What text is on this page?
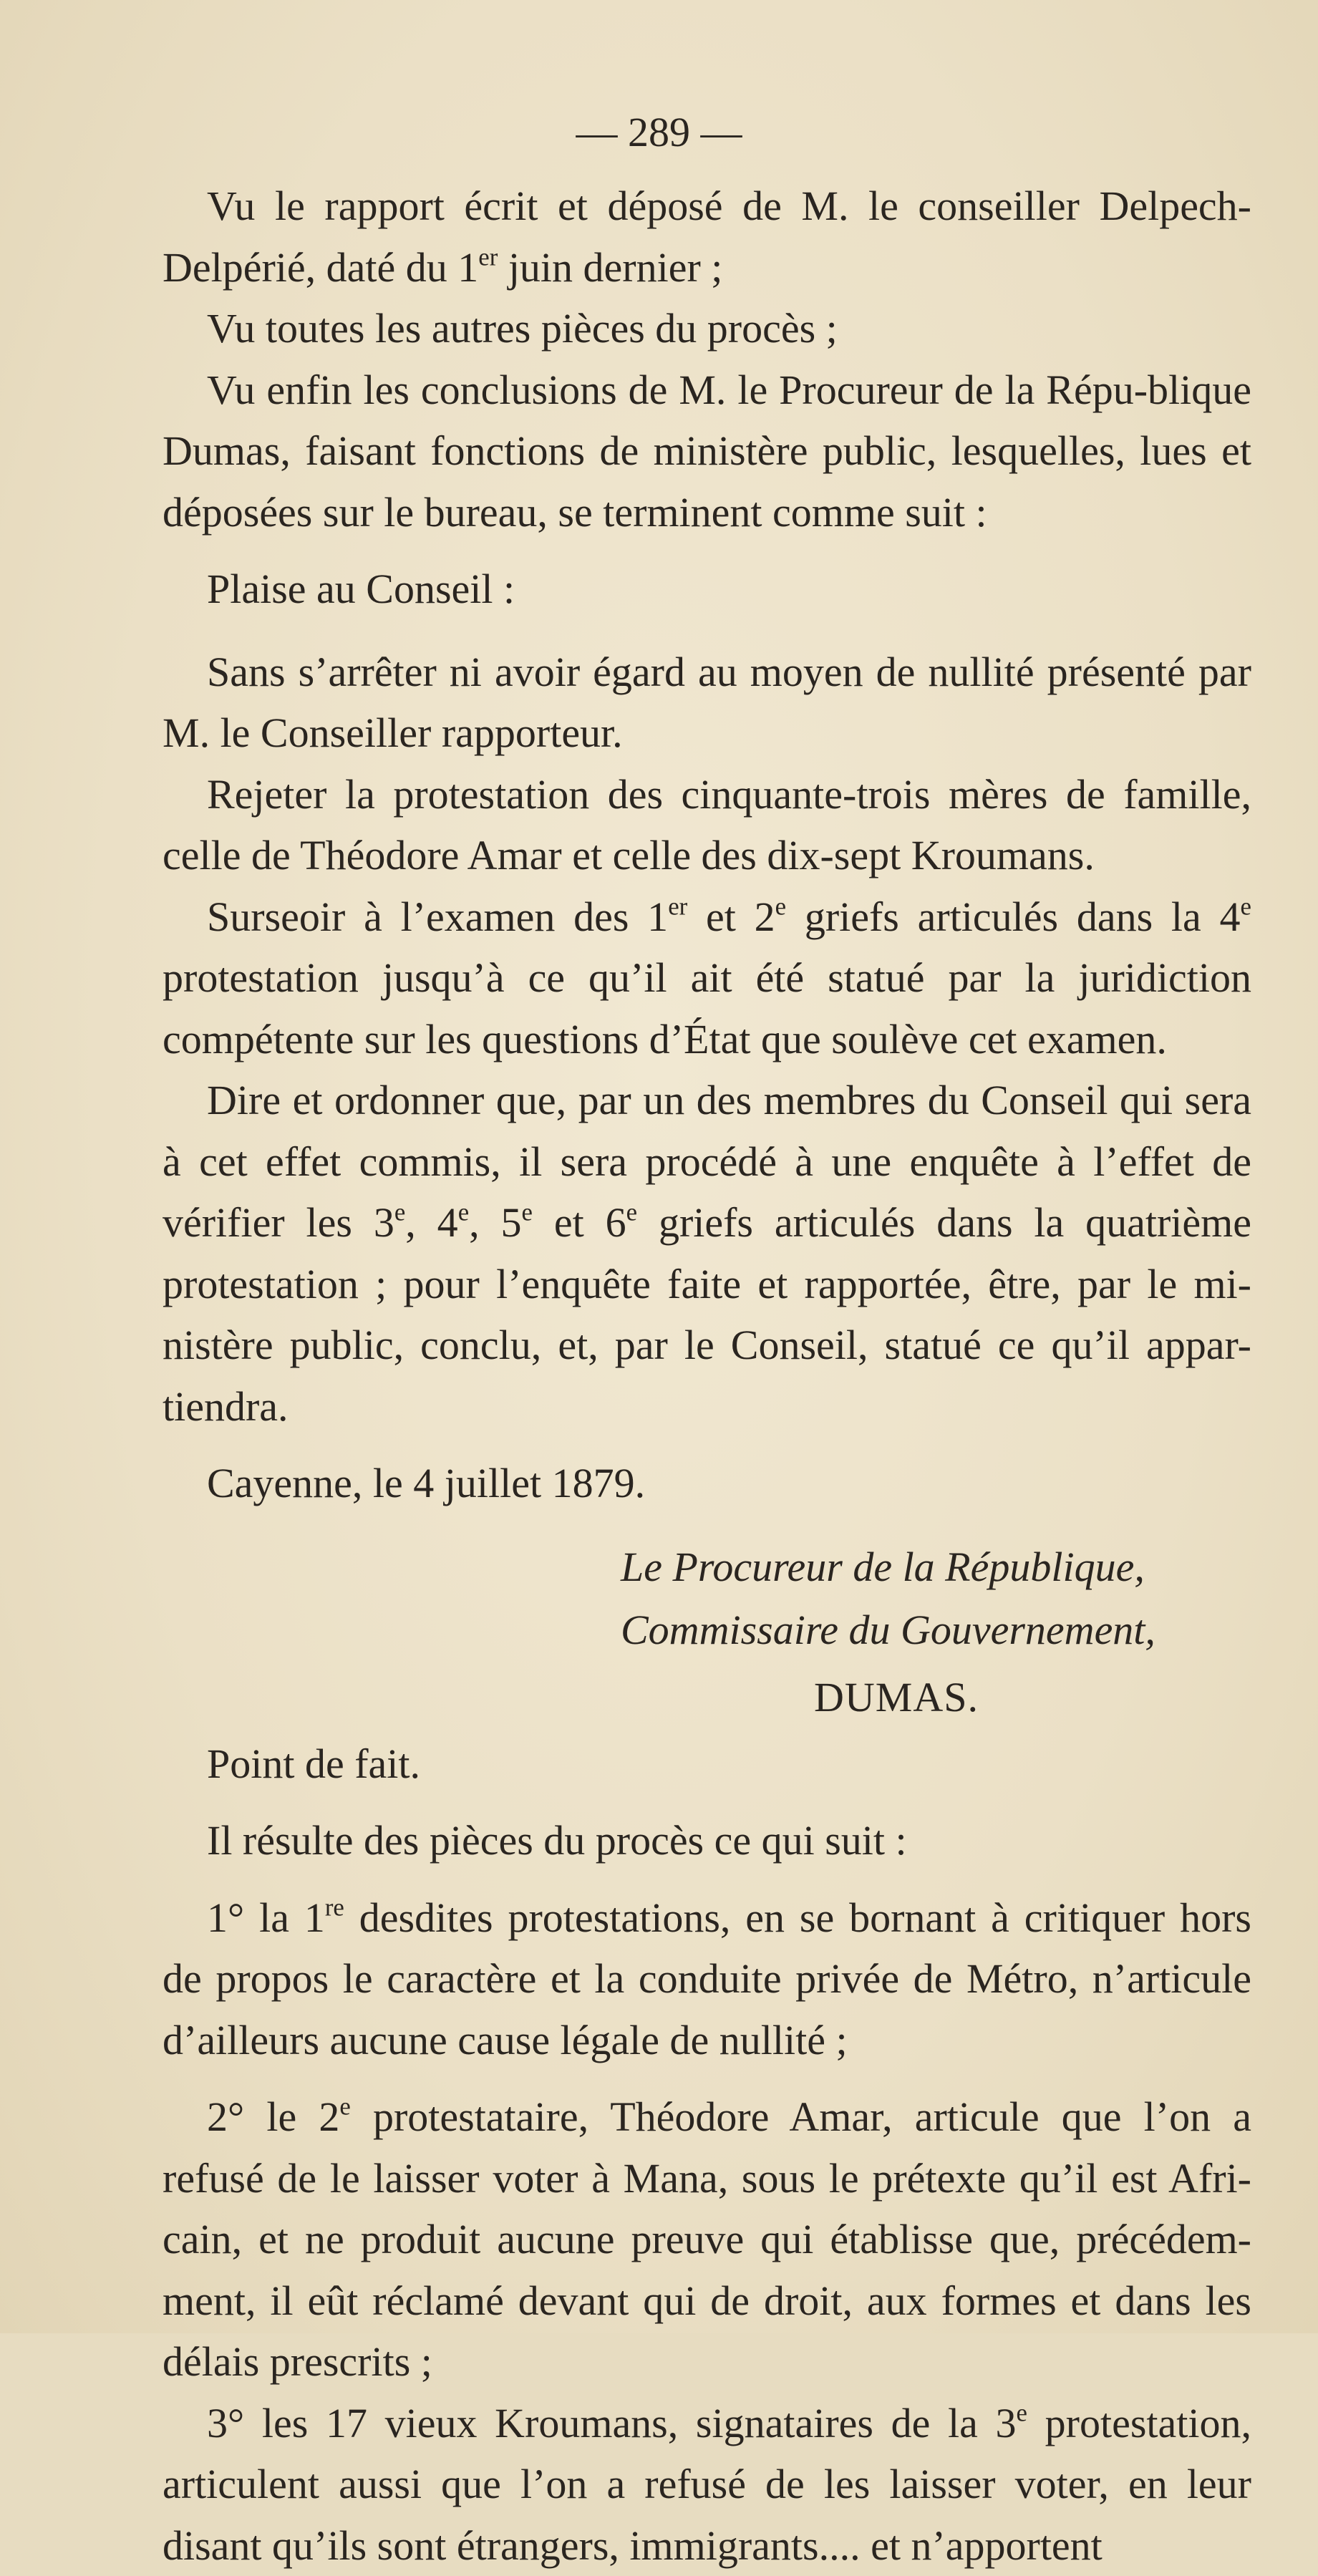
— 289 —

Vu le rapport écrit et déposé de M. le conseiller Delpech-Delpérié, daté du 1er juin dernier ;

Vu toutes les autres pièces du procès ;

Vu enfin les conclusions de M. le Procureur de la Répu-blique Dumas, faisant fonctions de ministère public, lesquelles, lues et déposées sur le bureau, se terminent comme suit :

Plaise au Conseil :

Sans s’arrêter ni avoir égard au moyen de nullité présenté par M. le Conseiller rapporteur.

Rejeter la protestation des cinquante-trois mères de famille, celle de Théodore Amar et celle des dix-sept Kroumans.

Surseoir à l’examen des 1er et 2e griefs articulés dans la 4e protestation jusqu’à ce qu’il ait été statué par la juridiction compétente sur les questions d’État que soulève cet examen.

Dire et ordonner que, par un des membres du Conseil qui sera à cet effet commis, il sera procédé à une enquête à l’effet de vérifier les 3e, 4e, 5e et 6e griefs articulés dans la quatrième protestation ; pour l’enquête faite et rapportée, être, par le mi-nistère public, conclu, et, par le Conseil, statué ce qu’il appar-tiendra.

Cayenne, le 4 juillet 1879.

Le Procureur de la République,

Commissaire du Gouvernement,

DUMAS.

Point de fait.

Il résulte des pièces du procès ce qui suit :

1° la 1re desdites protestations, en se bornant à critiquer hors de propos le caractère et la conduite privée de Métro, n’articule d’ailleurs aucune cause légale de nullité ;

2° le 2e protestataire, Théodore Amar, articule que l’on a refusé de le laisser voter à Mana, sous le prétexte qu’il est Afri-cain, et ne produit aucune preuve qui établisse que, précédem-ment, il eût réclamé devant qui de droit, aux formes et dans les délais prescrits ;

3° les 17 vieux Kroumans, signataires de la 3e protestation, articulent aussi que l’on a refusé de les laisser voter, en leur disant qu’ils sont étrangers, immigrants.... et n’apportent
